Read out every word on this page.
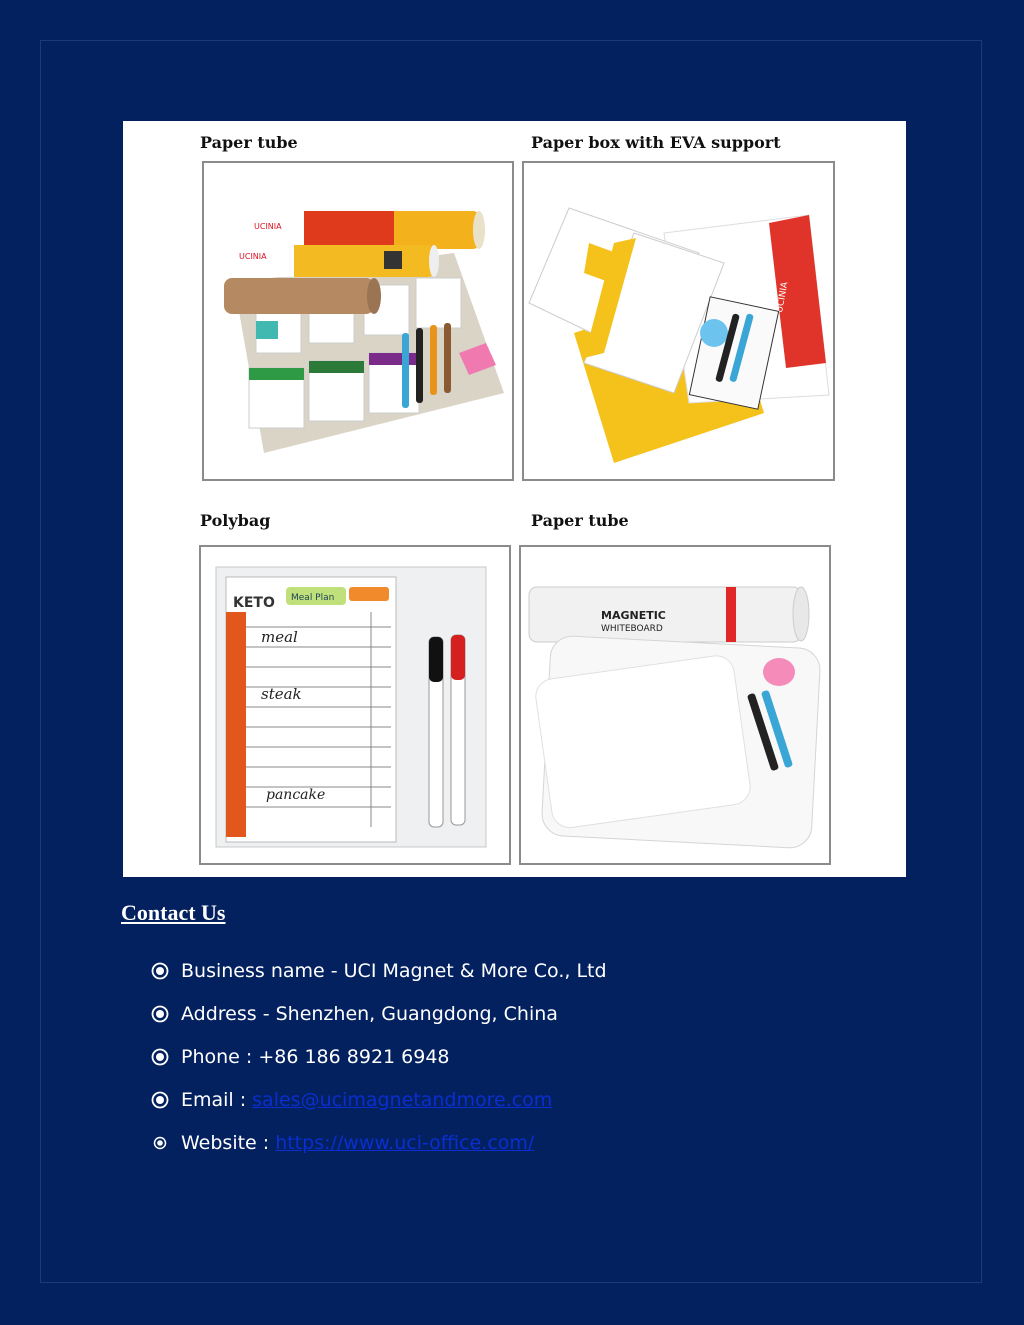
Paper tube	Paper box with EVA support
Polybag	Paper tube
UCINIA
UCINIA
UCINIA
KETO Meal Plan
meal
steak
pancake
MAGNETIC
WHITEBOARD
Contact Us
Business name - UCI Magnet & More Co., Ltd
Address - Shenzhen, Guangdong, China
Phone : +86 186 8921 6948
Email : sales@ucimagnetandmore.com
Website : https://www.uci-office.com/
